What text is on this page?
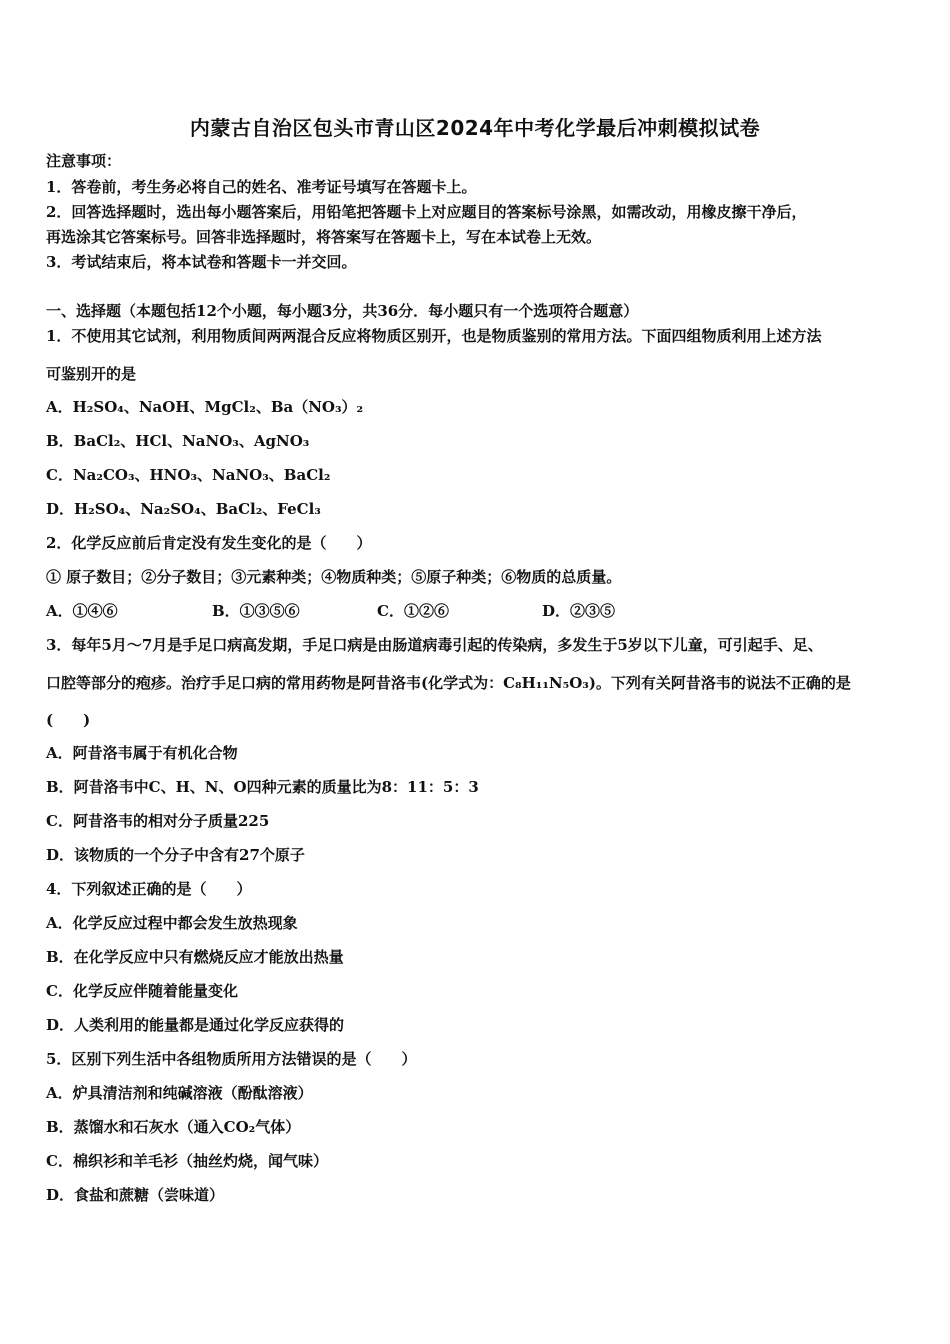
内蒙古自治区包头市青山区2024年中考化学最后冲刺模拟试卷
注意事项：
1．答卷前，考生务必将自己的姓名、准考证号填写在答题卡上。
2．回答选择题时，选出每小题答案后，用铅笔把答题卡上对应题目的答案标号涂黑，如需改动，用橡皮擦干净后，
再选涂其它答案标号。回答非选择题时，将答案写在答题卡上，写在本试卷上无效。
3．考试结束后，将本试卷和答题卡一并交回。
一、选择题（本题包括12个小题，每小题3分，共36分．每小题只有一个选项符合题意）
1．不使用其它试剂，利用物质间两两混合反应将物质区别开，也是物质鉴别的常用方法。下面四组物质利用上述方法
可鉴别开的是
A．H₂SO₄、NaOH、MgCl₂、Ba（NO₃）₂
B．BaCl₂、HCl、NaNO₃、AgNO₃
C．Na₂CO₃、HNO₃、NaNO₃、BaCl₂
D．H₂SO₄、Na₂SO₄、BaCl₂、FeCl₃
2．化学反应前后肯定没有发生变化的是（　　）
① 原子数目；②分子数目；③元素种类；④物质种类；⑤原子种类；⑥物质的总质量。
A．①④⑥	B．①③⑤⑥	C．①②⑥	D．②③⑤
3．每年5月～7月是手足口病高发期，手足口病是由肠道病毒引起的传染病，多发生于5岁以下儿童，可引起手、足、
口腔等部分的疱疹。治疗手足口病的常用药物是阿昔洛韦(化学式为：C₈H₁₁N₅O₃)。下列有关阿昔洛韦的说法不正确的是
(　　)
A．阿昔洛韦属于有机化合物
B．阿昔洛韦中C、H、N、O四种元素的质量比为8：11：5：3
C．阿昔洛韦的相对分子质量225
D．该物质的一个分子中含有27个原子
4．下列叙述正确的是（　　）
A．化学反应过程中都会发生放热现象
B．在化学反应中只有燃烧反应才能放出热量
C．化学反应伴随着能量变化
D．人类利用的能量都是通过化学反应获得的
5．区别下列生活中各组物质所用方法错误的是（　　）
A．炉具清洁剂和纯碱溶液（酚酞溶液）
B．蒸馏水和石灰水（通入CO₂气体）
C．棉织衫和羊毛衫（抽丝灼烧，闻气味）
D．食盐和蔗糖（尝味道）
